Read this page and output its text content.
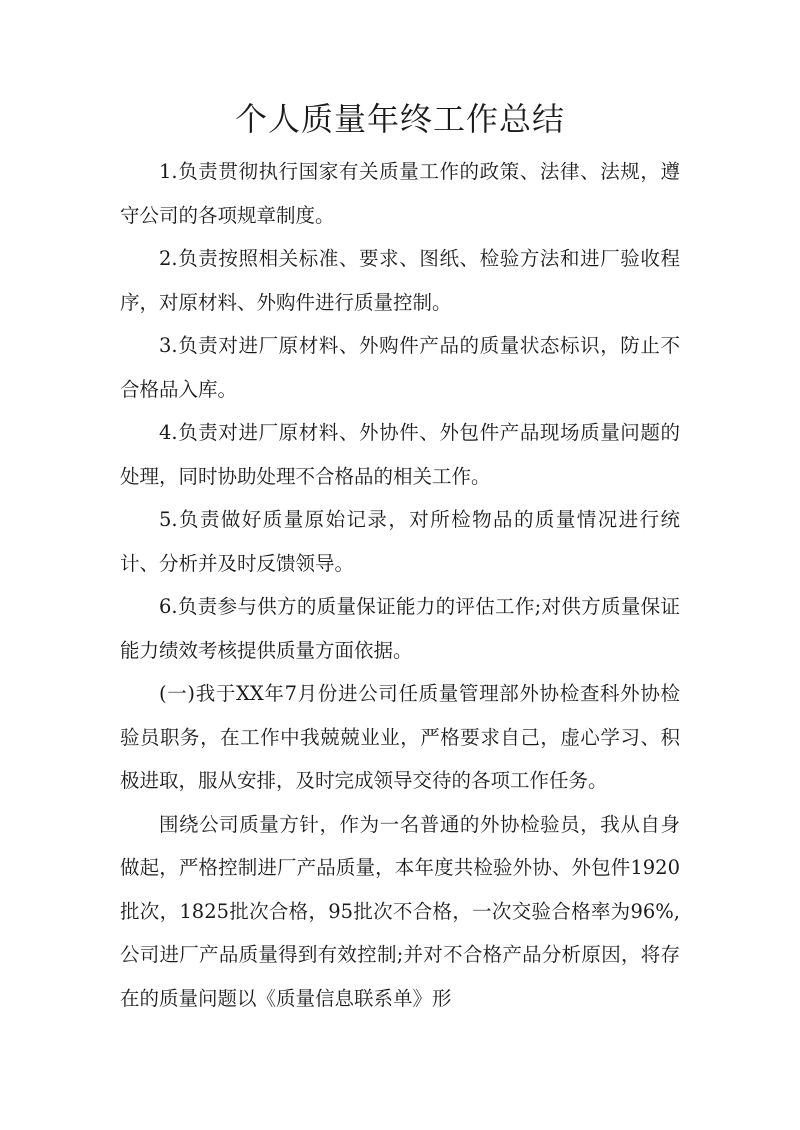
个人质量年终工作总结

1.负责贯彻执行国家有关质量工作的政策、法律、法规，遵守公司的各项规章制度。

2.负责按照相关标准、要求、图纸、检验方法和进厂验收程序，对原材料、外购件进行质量控制。

3.负责对进厂原材料、外购件产品的质量状态标识，防止不合格品入库。

4.负责对进厂原材料、外协件、外包件产品现场质量问题的处理，同时协助处理不合格品的相关工作。

5.负责做好质量原始记录，对所检物品的质量情况进行统计、分析并及时反馈领导。

6.负责参与供方的质量保证能力的评估工作;对供方质量保证能力绩效考核提供质量方面依据。

(一)我于XX年7月份进公司任质量管理部外协检查科外协检验员职务，在工作中我兢兢业业，严格要求自己，虚心学习、积极进取，服从安排，及时完成领导交待的各项工作任务。

围绕公司质量方针，作为一名普通的外协检验员，我从自身做起，严格控制进厂产品质量，本年度共检验外协、外包件1920批次，1825批次合格，95批次不合格，一次交验合格率为96%,公司进厂产品质量得到有效控制;并对不合格产品分析原因，将存在的质量问题以《质量信息联系单》形
